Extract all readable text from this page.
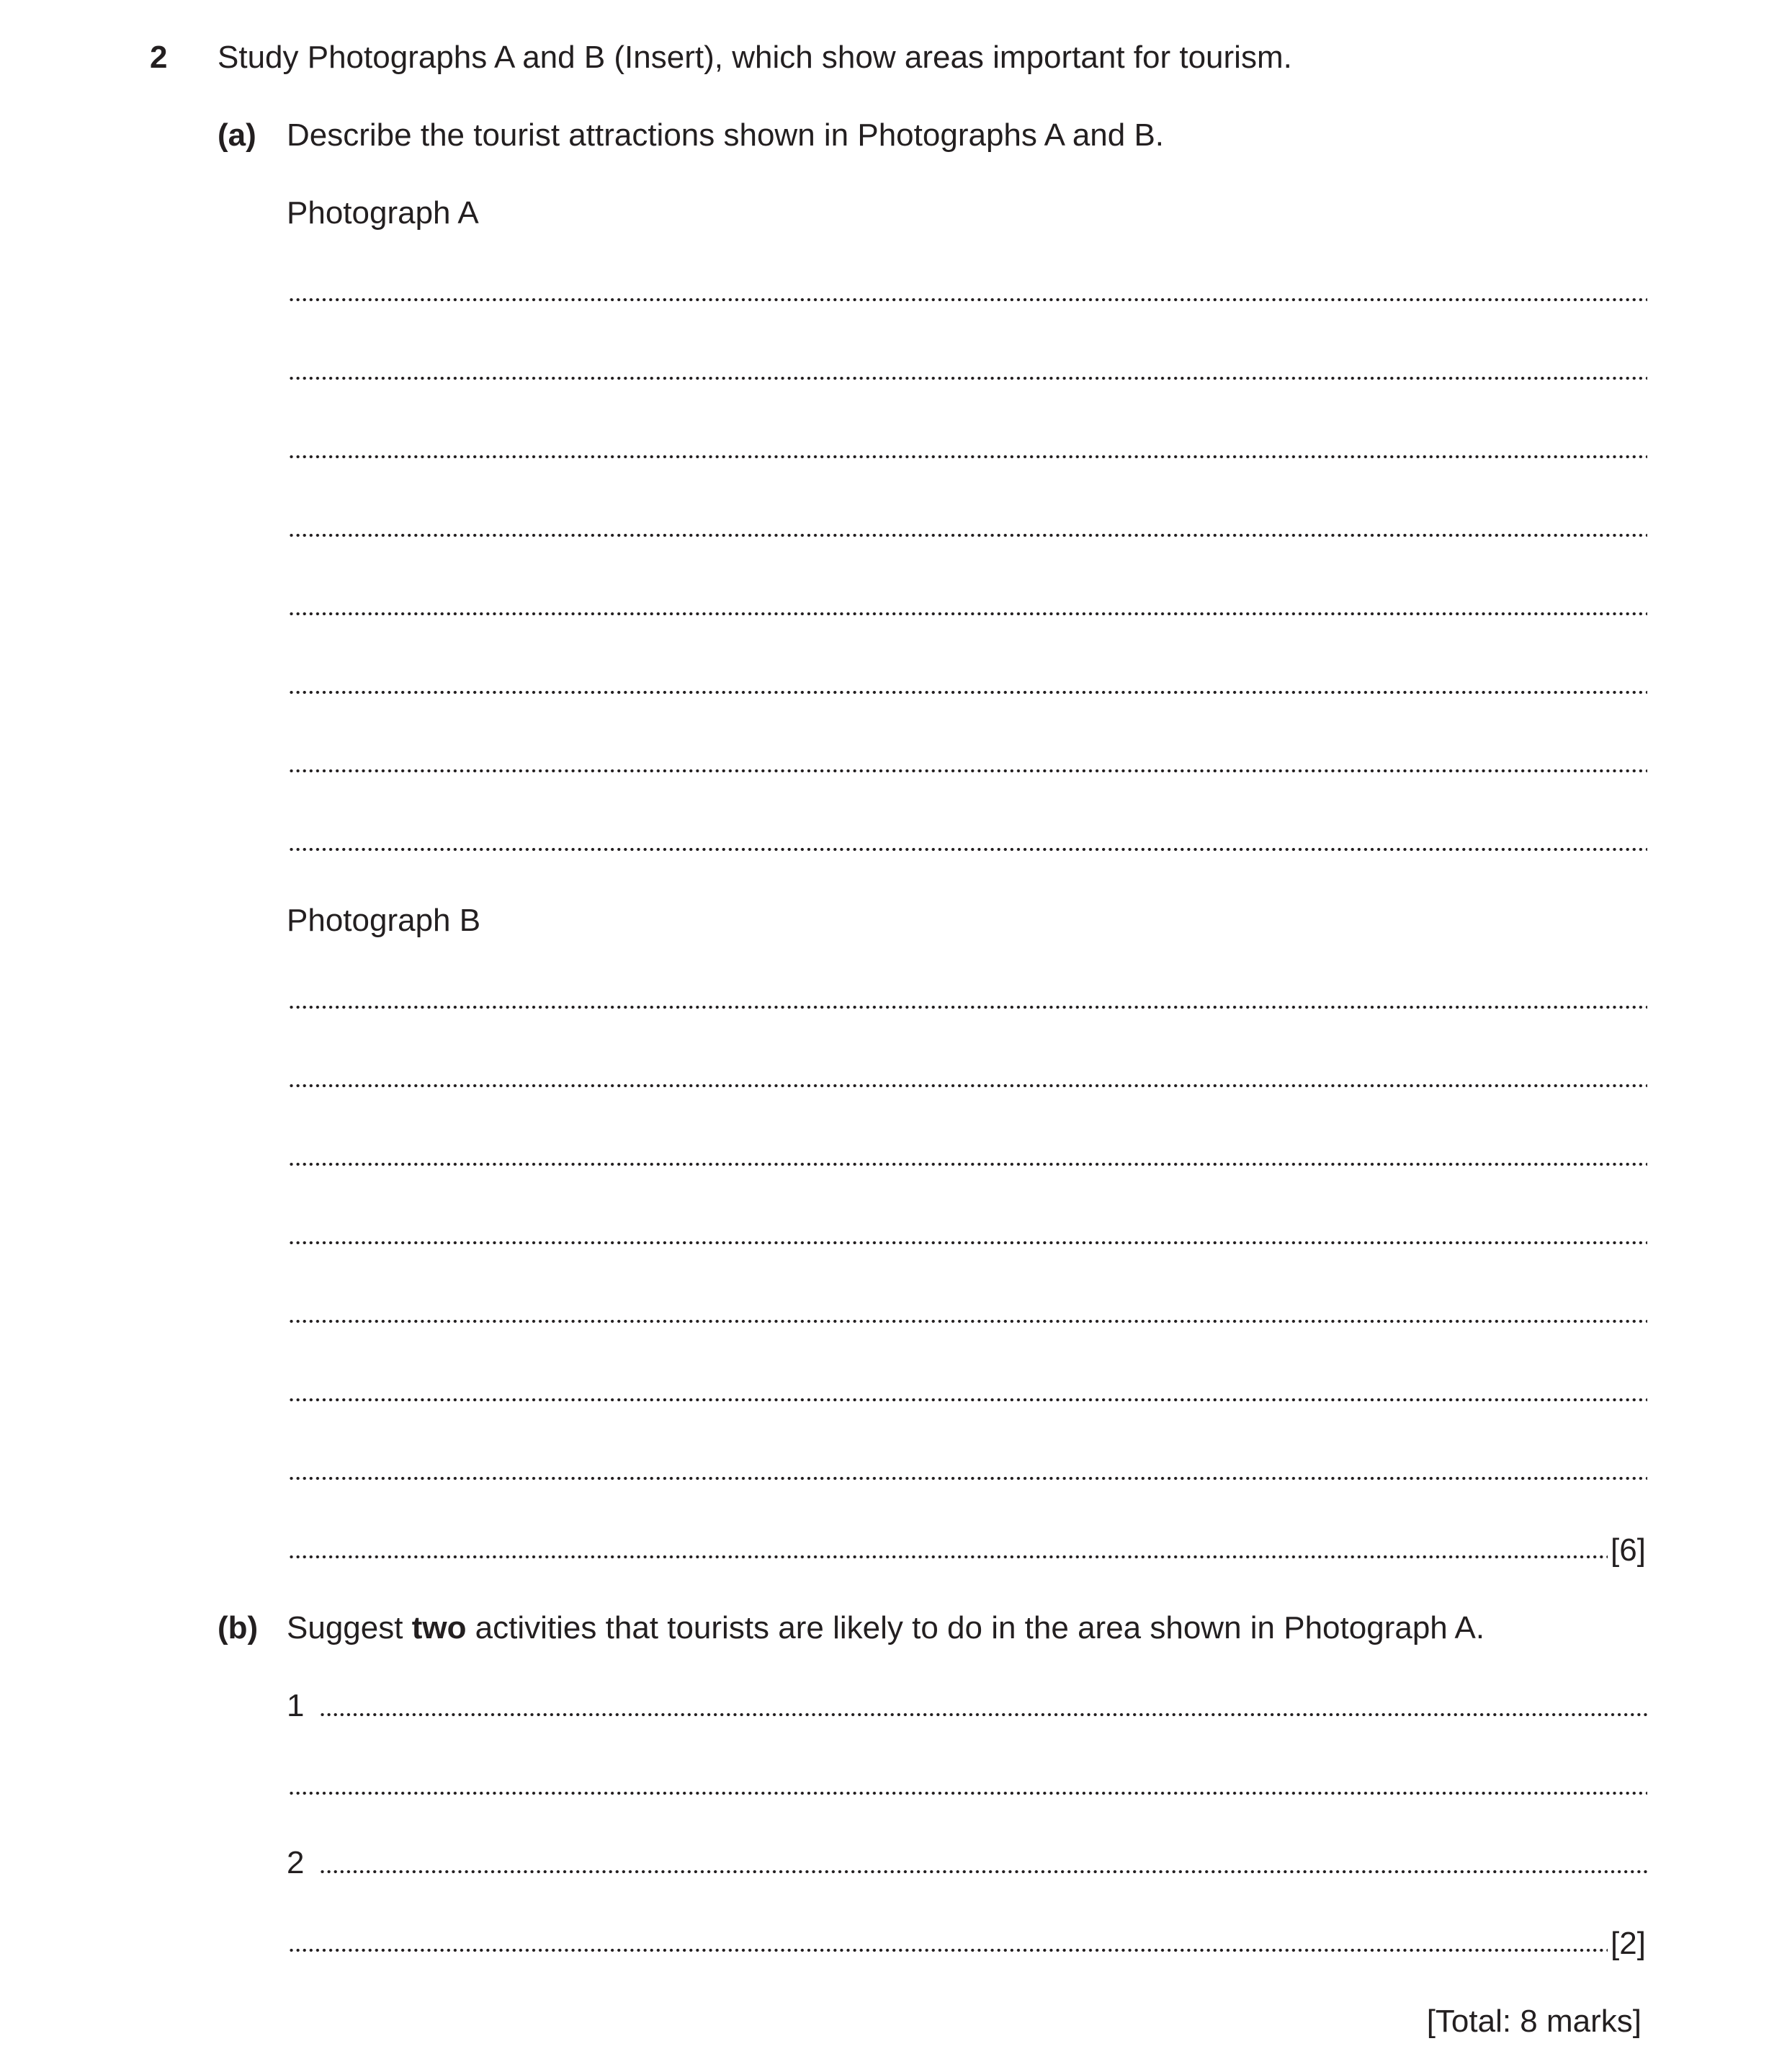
2 Study Photographs A and B (Insert), which show areas important for tourism.
(a) Describe the tourist attractions shown in Photographs A and B.
Photograph A
Photograph B
[6]
(b) Suggest two activities that tourists are likely to do in the area shown in Photograph A.
1
2
[2]
[Total: 8 marks]
